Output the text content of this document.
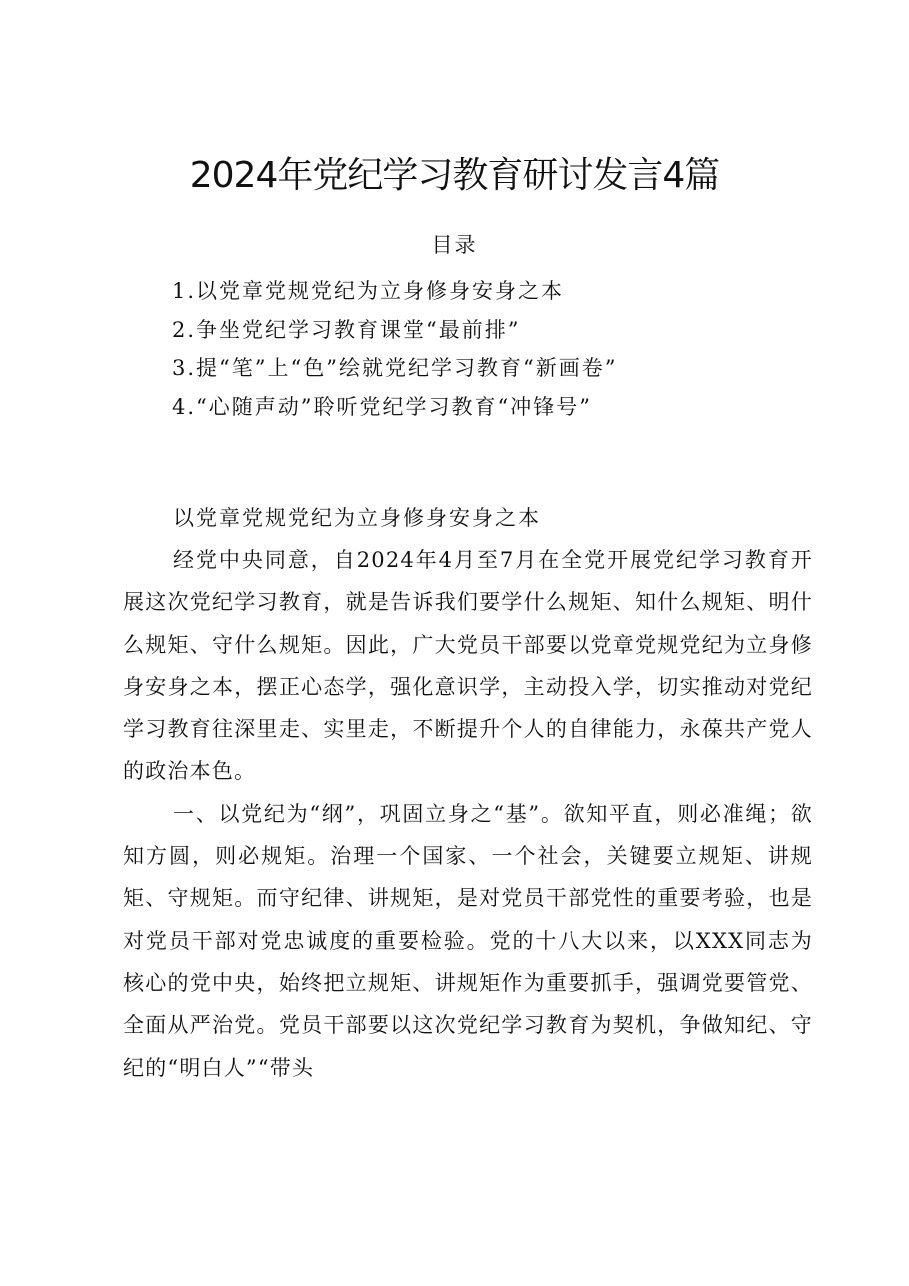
2024年党纪学习教育研讨发言4篇
目录
1.以党章党规党纪为立身修身安身之本
2.争坐党纪学习教育课堂“最前排”
3.提“笔”上“色”绘就党纪学习教育“新画卷”
4.“心随声动”聆听党纪学习教育“冲锋号”

以党章党规党纪为立身修身安身之本

经党中央同意，自2024年4月至7月在全党开展党纪学习教育开展这次党纪学习教育，就是告诉我们要学什么规矩、知什么规矩、明什么规矩、守什么规矩。因此，广大党员干部要以党章党规党纪为立身修身安身之本，摆正心态学，强化意识学，主动投入学，切实推动对党纪学习教育往深里走、实里走，不断提升个人的自律能力，永葆共产党人的政治本色。

一、以党纪为“纲”，巩固立身之“基”。欲知平直，则必准绳；欲知方圆，则必规矩。治理一个国家、一个社会，关键要立规矩、讲规矩、守规矩。而守纪律、讲规矩，是对党员干部党性的重要考验，也是对党员干部对党忠诚度的重要检验。党的十八大以来，以XXX同志为核心的党中央，始终把立规矩、讲规矩作为重要抓手，强调党要管党、全面从严治党。党员干部要以这次党纪学习教育为契机，争做知纪、守纪的“明白人”“带头
